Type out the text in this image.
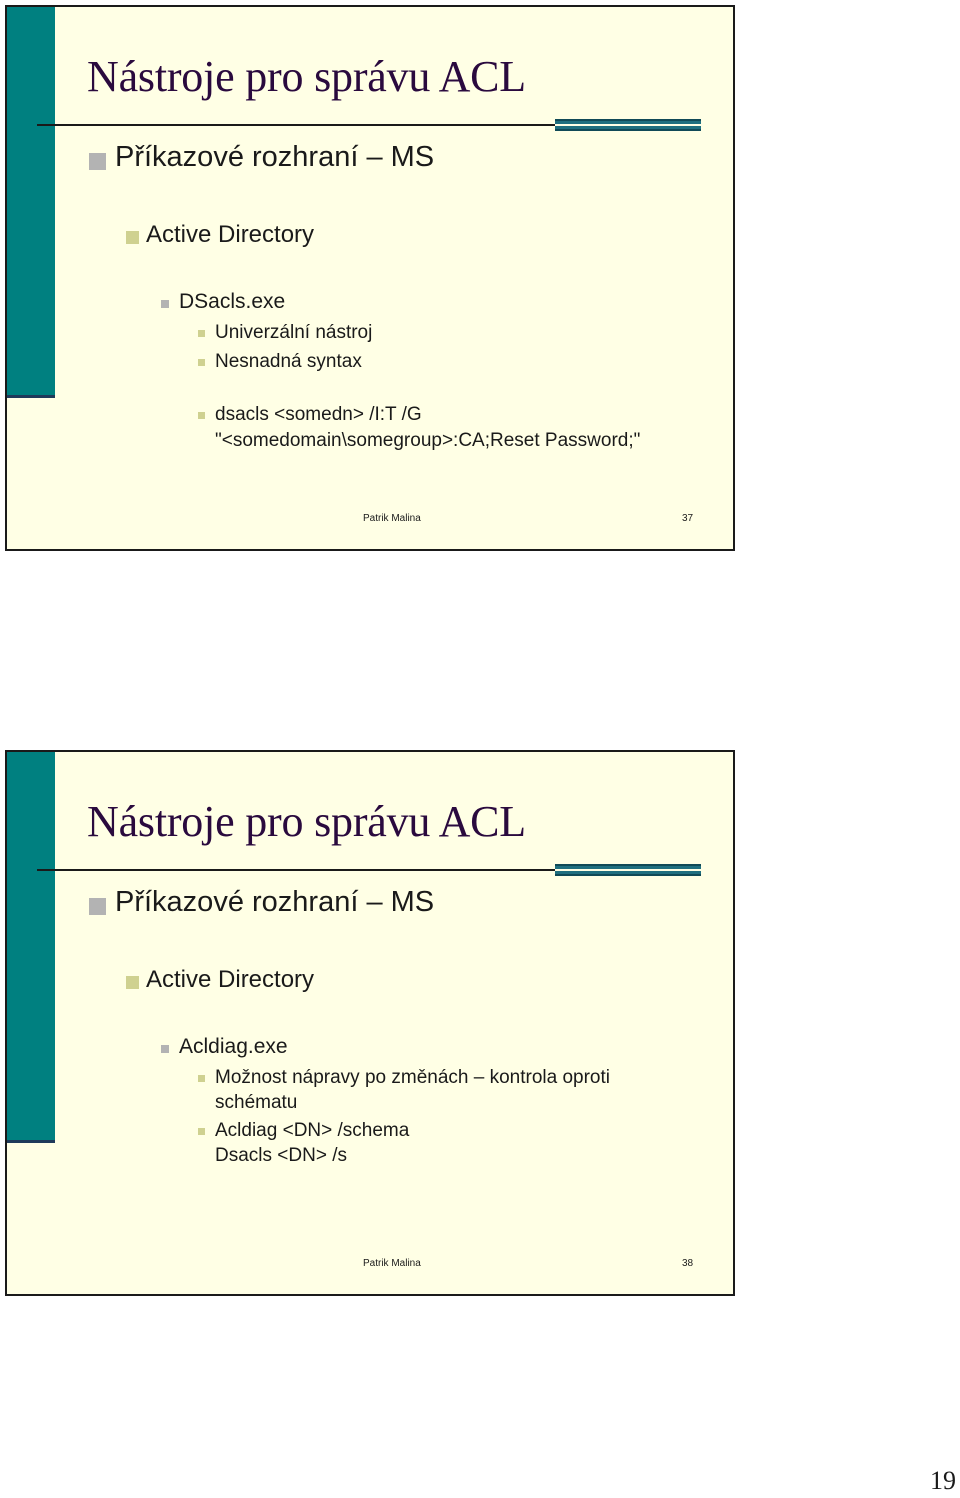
Nástroje pro správu ACL
Příkazové rozhraní – MS
Active Directory
DSacls.exe
Univerzální nástroj
Nesnadná syntax
dsacls <somedn> /I:T /G
"<somedomain\somegroup>:CA;Reset Password;"
Patrik Malina	37
Nástroje pro správu ACL
Příkazové rozhraní – MS
Active Directory
Acldiag.exe
Možnost nápravy po změnách – kontrola oproti
schématu
Acldiag <DN> /schema
Dsacls <DN> /s
Patrik Malina	38
19
